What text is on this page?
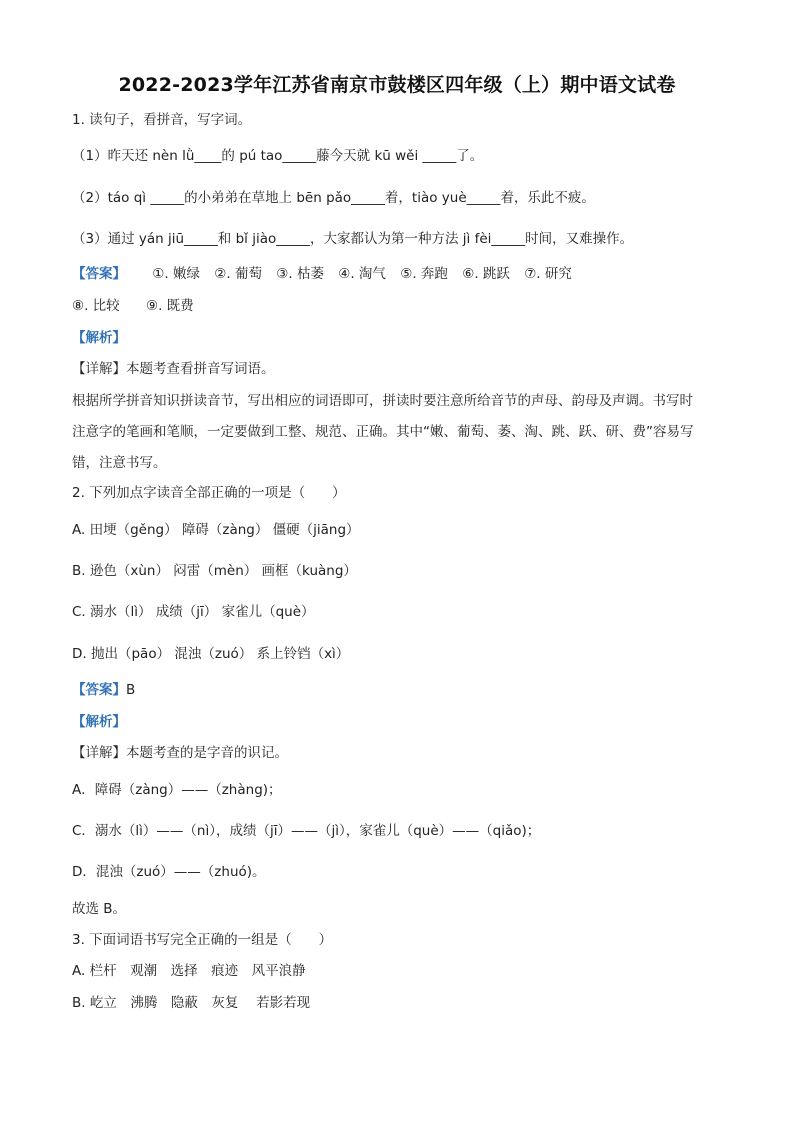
2022-2023学年江苏省南京市鼓楼区四年级（上）期中语文试卷
1. 读句子，看拼音，写字词。
（1）昨天还 nèn lǜ____的 pú tao_____藤今天就 kū wěi _____了。
（2）táo qì _____的小弟弟在草地上 bēn pǎo_____着，tiào yuè_____着，乐此不疲。
（3）通过 yán jiū_____和 bǐ jiào_____，大家都认为第一种方法 jì fèi_____时间，又难操作。
【答案】 ①. 嫩绿 ②. 葡萄 ③. 枯萎 ④. 淘气 ⑤. 奔跑 ⑥. 跳跃 ⑦. 研究
⑧. 比较 ⑨. 既费
【解析】
【详解】本题考查看拼音写词语。
根据所学拼音知识拼读音节，写出相应的词语即可，拼读时要注意所给音节的声母、韵母及声调。书写时
注意字的笔画和笔顺，一定要做到工整、规范、正确。其中“嫩、葡萄、萎、淘、跳、跃、研、费”容易写
错，注意书写。
2. 下列加点字读音全部正确的一项是（　　）
A. 田埂（gěng） 障碍（zàng） 僵硬（jiāng）
B. 逊色（xùn） 闷雷（mèn） 画框（kuàng）
C. 溺水（lì） 成绩（jī） 家雀儿（què）
D. 抛出（pāo） 混浊（zuó） 系上铃铛（xì）
【答案】B
【解析】
【详解】本题考查的是字音的识记。
A．障碍（zàng）——（zhàng)；
C．溺水（lì）——（nì），成绩（jī）——（jì），家雀儿（què）——（qiǎo)；
D．混浊（zuó）——（zhuó)。
故选 B。
3. 下面词语书写完全正确的一组是（　　）
A. 栏杆　观潮　选择　痕迹　风平浪静
B. 屹立　沸腾　隐蔽　灰复　 若影若现
